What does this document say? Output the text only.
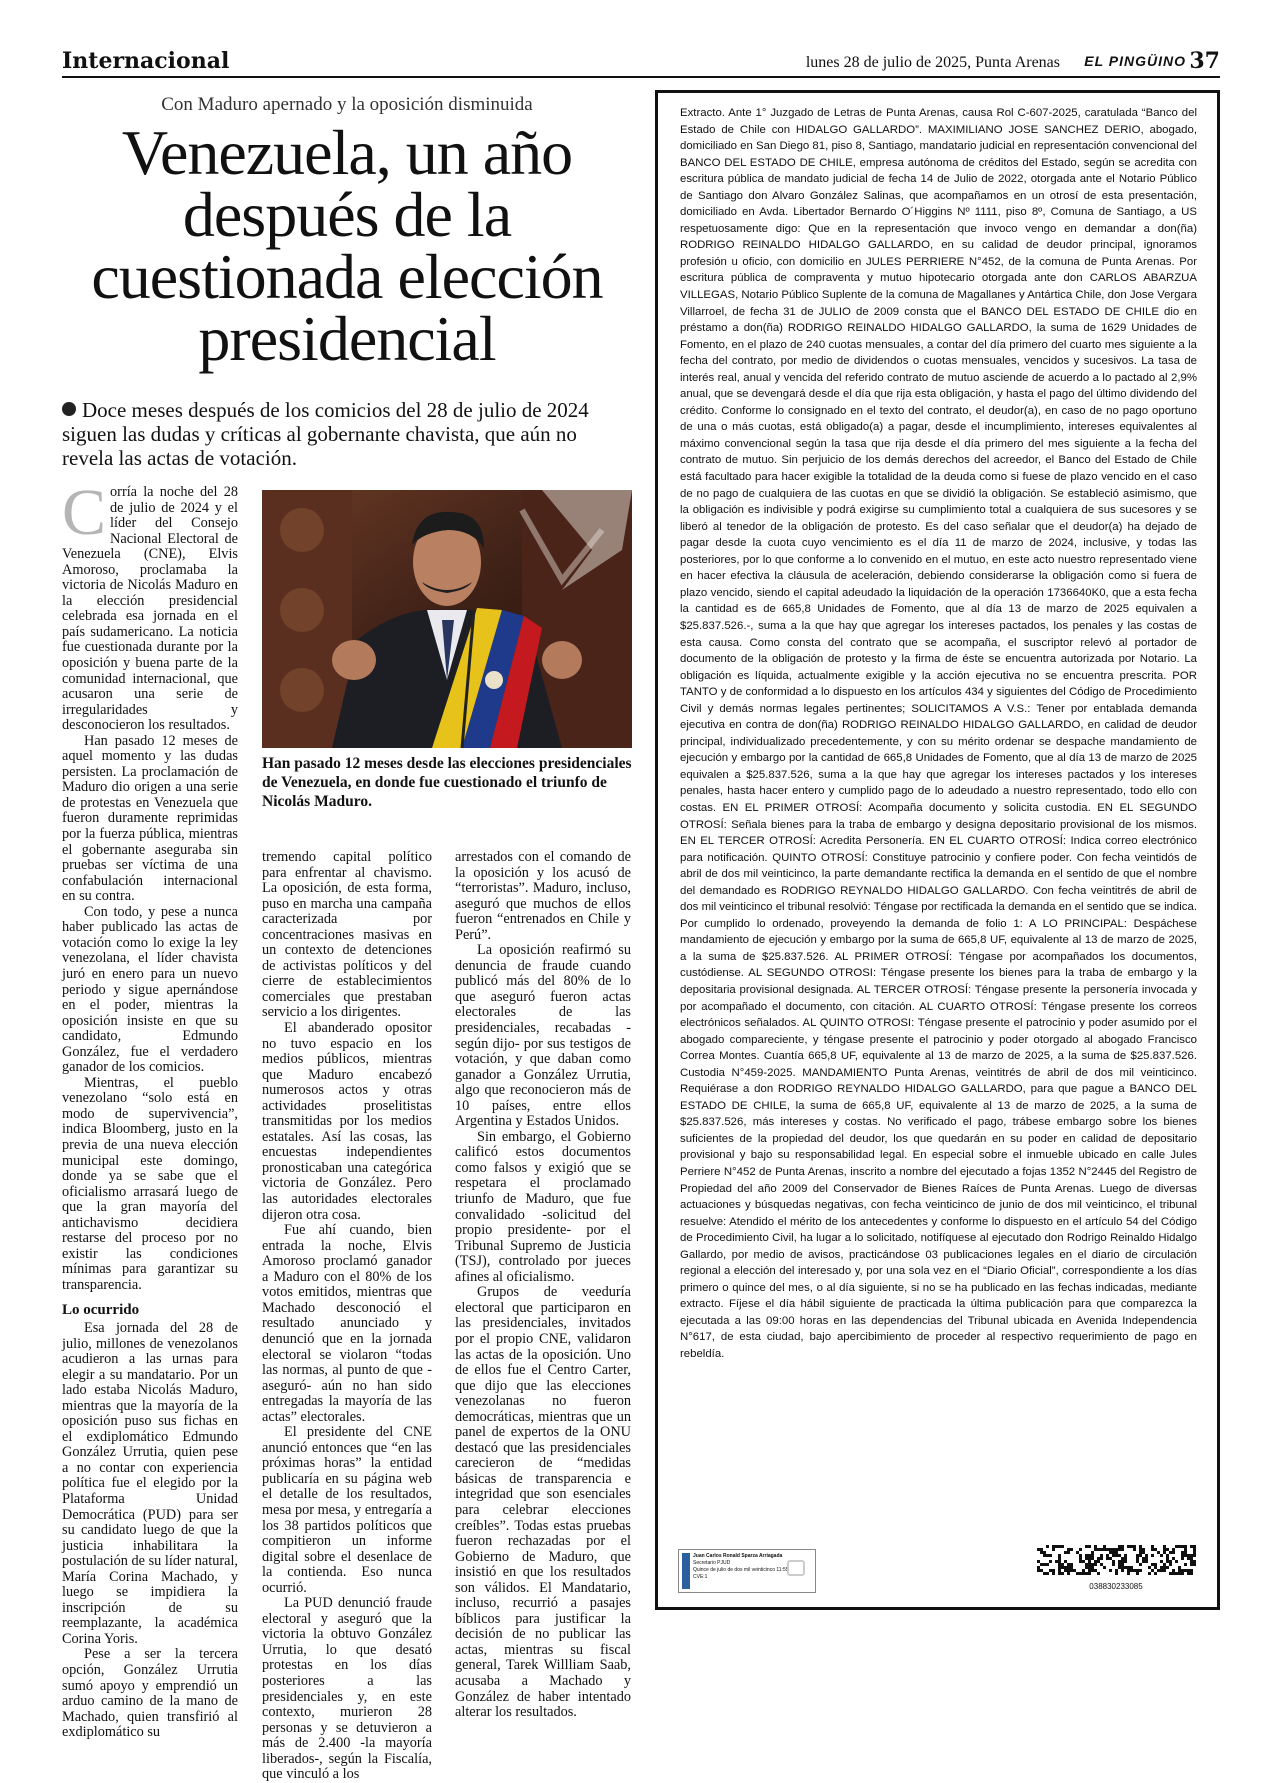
Internacional	lunes 28 de julio de 2025, Punta Arenas EL PINGÜINO 37
Con Maduro apernado y la oposición disminuida
Venezuela, un año después de la cuestionada elección presidencial
Doce meses después de los comicios del 28 de julio de 2024 siguen las dudas y críticas al gobernante chavista, que aún no revela las actas de votación.

Corría la noche del 28 de julio de 2024 y el líder del Consejo Nacional Electoral de Venezuela (CNE), Elvis Amoroso, proclamaba la victoria de Nicolás Maduro en la elección presidencial celebrada esa jornada en el país sudamericano. La noticia fue cuestionada durante por la oposición y buena parte de la comunidad internacional, que acusaron una serie de irregularidades y desconocieron los resultados.

Han pasado 12 meses de aquel momento y las dudas persisten. La proclamación de Maduro dio origen a una serie de protestas en Venezuela que fueron duramente reprimidas por la fuerza pública, mientras el gobernante aseguraba sin pruebas ser víctima de una confabulación internacional en su contra.

Con todo, y pese a nunca haber publicado las actas de votación como lo exige la ley venezolana, el líder chavista juró en enero para un nuevo periodo y sigue apernándose en el poder, mientras la oposición insiste en que su candidato, Edmundo González, fue el verdadero ganador de los comicios.

Mientras, el pueblo venezolano “solo está en modo de supervivencia”, indica Bloomberg, justo en la previa de una nueva elección municipal este domingo, donde ya se sabe que el oficialismo arrasará luego de que la gran mayoría del antichavismo decidiera restarse del proceso por no existir las condiciones mínimas para garantizar su transparencia.

Lo ocurrido

Esa jornada del 28 de julio, millones de venezolanos acudieron a las urnas para elegir a su mandatario. Por un lado estaba Nicolás Maduro, mientras que la mayoría de la oposición puso sus fichas en el exdiplomático Edmundo González Urrutia, quien pese a no contar con experiencia política fue el elegido por la Plataforma Unidad Democrática (PUD) para ser su candidato luego de que la justicia inhabilitara la postulación de su líder natural, María Corina Machado, y luego se impidiera la inscripción de su reemplazante, la académica Corina Yoris.

Pese a ser la tercera opción, González Urrutia sumó apoyo y emprendió un arduo camino de la mano de Machado, quien transfirió al exdiplomático su

Han pasado 12 meses desde las elecciones presidenciales de Venezuela, en donde fue cuestionado el triunfo de Nicolás Maduro.

tremendo capital político para enfrentar al chavismo. La oposición, de esta forma, puso en marcha una campaña caracterizada por concentraciones masivas en un contexto de detenciones de activistas políticos y del cierre de establecimientos comerciales que prestaban servicio a los dirigentes.

El abanderado opositor no tuvo espacio en los medios públicos, mientras que Maduro encabezó numerosos actos y otras actividades proselitistas transmitidas por los medios estatales. Así las cosas, las encuestas independientes pronosticaban una categórica victoria de González. Pero las autoridades electorales dijeron otra cosa.

Fue ahí cuando, bien entrada la noche, Elvis Amoroso proclamó ganador a Maduro con el 80% de los votos emitidos, mientras que Machado desconoció el resultado anunciado y denunció que en la jornada electoral se violaron “todas las normas, al punto de que -aseguró- aún no han sido entregadas la mayoría de las actas” electorales.

El presidente del CNE anunció entonces que “en las próximas horas” la entidad publicaría en su página web el detalle de los resultados, mesa por mesa, y entregaría a los 38 partidos políticos que compitieron un informe digital sobre el desenlace de la contienda. Eso nunca ocurrió.

La PUD denunció fraude electoral y aseguró que la victoria la obtuvo González Urrutia, lo que desató protestas en los días posteriores a las presidenciales y, en este contexto, murieron 28 personas y se detuvieron a más de 2.400 -la mayoría liberados-, según la Fiscalía, que vinculó a los

arrestados con el comando de la oposición y los acusó de “terroristas”. Maduro, incluso, aseguró que muchos de ellos fueron “entrenados en Chile y Perú”.

La oposición reafirmó su denuncia de fraude cuando publicó más del 80% de lo que aseguró fueron actas electorales de las presidenciales, recabadas -según dijo- por sus testigos de votación, y que daban como ganador a González Urrutia, algo que reconocieron más de 10 países, entre ellos Argentina y Estados Unidos.

Sin embargo, el Gobierno calificó estos documentos como falsos y exigió que se respetara el proclamado triunfo de Maduro, que fue convalidado -solicitud del propio presidente- por el Tribunal Supremo de Justicia (TSJ), controlado por jueces afines al oficialismo.

Grupos de veeduría electoral que participaron en las presidenciales, invitados por el propio CNE, validaron las actas de la oposición. Uno de ellos fue el Centro Carter, que dijo que las elecciones venezolanas no fueron democráticas, mientras que un panel de expertos de la ONU destacó que las presidenciales carecieron de “medidas básicas de transparencia e integridad que son esenciales para celebrar elecciones creíbles”. Todas estas pruebas fueron rechazadas por el Gobierno de Maduro, que insistió en que los resultados son válidos. El Mandatario, incluso, recurrió a pasajes bíblicos para justificar la decisión de no publicar las actas, mientras su fiscal general, Tarek Willliam Saab, acusaba a Machado y González de haber intentado alterar los resultados.

Extracto. Ante 1° Juzgado de Letras de Punta Arenas, causa Rol C-607-2025, caratulada “Banco del Estado de Chile con HIDALGO GALLARDO”. MAXIMILIANO JOSE SANCHEZ DERIO, abogado, domiciliado en San Diego 81, piso 8, Santiago, mandatario judicial en representación convencional del BANCO DEL ESTADO DE CHILE, empresa autónoma de créditos del Estado, según se acredita con escritura pública de mandato judicial de fecha 14 de Julio de 2022, otorgada ante el Notario Público de Santiago don Alvaro González Salinas, que acompañamos en un otrosí de esta presentación, domiciliado en Avda. Libertador Bernardo O´Higgins Nº 1111, piso 8º, Comuna de Santiago, a US respetuosamente digo: Que en la representación que invoco vengo en demandar a don(ña) RODRIGO REINALDO HIDALGO GALLARDO, en su calidad de deudor principal, ignoramos profesión u oficio, con domicilio en JULES PERRIERE N°452, de la comuna de Punta Arenas. Por escritura pública de compraventa y mutuo hipotecario otorgada ante don CARLOS ABARZUA VILLEGAS, Notario Público Suplente de la comuna de Magallanes y Antártica Chile, don Jose Vergara Villarroel, de fecha 31 de JULIO de 2009 consta que el BANCO DEL ESTADO DE CHILE dio en préstamo a don(ña) RODRIGO REINALDO HIDALGO GALLARDO, la suma de 1629 Unidades de Fomento, en el plazo de 240 cuotas mensuales, a contar del día primero del cuarto mes siguiente a la fecha del contrato, por medio de dividendos o cuotas mensuales, vencidos y sucesivos. La tasa de interés real, anual y vencida del referido contrato de mutuo asciende de acuerdo a lo pactado al 2,9% anual, que se devengará desde el día que rija esta obligación, y hasta el pago del último dividendo del crédito. Conforme lo consignado en el texto del contrato, el deudor(a), en caso de no pago oportuno de una o más cuotas, está obligado(a) a pagar, desde el incumplimiento, intereses equivalentes al máximo convencional según la tasa que rija desde el día primero del mes siguiente a la fecha del contrato de mutuo. Sin perjuicio de los demás derechos del acreedor, el Banco del Estado de Chile está facultado para hacer exigible la totalidad de la deuda como si fuese de plazo vencido en el caso de no pago de cualquiera de las cuotas en que se dividió la obligación. Se estableció asimismo, que la obligación es indivisible y podrá exigirse su cumplimiento total a cualquiera de sus sucesores y se liberó al tenedor de la obligación de protesto. Es del caso señalar que el deudor(a) ha dejado de pagar desde la cuota cuyo vencimiento es el día 11 de marzo de 2024, inclusive, y todas las posteriores, por lo que conforme a lo convenido en el mutuo, en este acto nuestro representado viene en hacer efectiva la cláusula de aceleración, debiendo considerarse la obligación como si fuera de plazo vencido, siendo el capital adeudado la liquidación de la operación 1736640K0, que a esta fecha la cantidad es de 665,8 Unidades de Fomento, que al día 13 de marzo de 2025 equivalen a $25.837.526.-, suma a la que hay que agregar los intereses pactados, los penales y las costas de esta causa. Como consta del contrato que se acompaña, el suscriptor relevó al portador de documento de la obligación de protesto y la firma de éste se encuentra autorizada por Notario. La obligación es líquida, actualmente exigible y la acción ejecutiva no se encuentra prescrita. POR TANTO y de conformidad a lo dispuesto en los artículos 434 y siguientes del Código de Procedimiento Civil y demás normas legales pertinentes; SOLICITAMOS A V.S.: Tener por entablada demanda ejecutiva en contra de don(ña) RODRIGO REINALDO HIDALGO GALLARDO, en calidad de deudor principal, individualizado precedentemente, y con su mérito ordenar se despache mandamiento de ejecución y embargo por la cantidad de 665,8 Unidades de Fomento, que al día 13 de marzo de 2025 equivalen a $25.837.526, suma a la que hay que agregar los intereses pactados y los intereses penales, hasta hacer entero y cumplido pago de lo adeudado a nuestro representado, todo ello con costas. EN EL PRIMER OTROSÍ: Acompaña documento y solicita custodia. EN EL SEGUNDO OTROSÍ: Señala bienes para la traba de embargo y designa depositario provisional de los mismos. EN EL TERCER OTROSÍ: Acredita Personería. EN EL CUARTO OTROSÍ: Indica correo electrónico para notificación. QUINTO OTROSÍ: Constituye patrocinio y confiere poder. Con fecha veintidós de abril de dos mil veinticinco, la parte demandante rectifica la demanda en el sentido de que el nombre del demandado es RODRIGO REYNALDO HIDALGO GALLARDO. Con fecha veintitrés de abril de dos mil veinticinco el tribunal resolvió: Téngase por rectificada la demanda en el sentido que se indica. Por cumplido lo ordenado, proveyendo la demanda de folio 1: A LO PRINCIPAL: Despáchese mandamiento de ejecución y embargo por la suma de 665,8 UF, equivalente al 13 de marzo de 2025, a la suma de $25.837.526. AL PRIMER OTROSÍ: Téngase por acompañados los documentos, custódiense. AL SEGUNDO OTROSI: Téngase presente los bienes para la traba de embargo y la depositaria provisional designada. AL TERCER OTROSÍ: Téngase presente la personería invocada y por acompañado el documento, con citación. AL CUARTO OTROSÍ: Téngase presente los correos electrónicos señalados. AL QUINTO OTROSI: Téngase presente el patrocinio y poder asumido por el abogado compareciente, y téngase presente el patrocinio y poder otorgado al abogado Francisco Correa Montes. Cuantía 665,8 UF, equivalente al 13 de marzo de 2025, a la suma de $25.837.526. Custodia N°459-2025. MANDAMIENTO Punta Arenas, veintitrés de abril de dos mil veinticinco. Requiérase a don RODRIGO REYNALDO HIDALGO GALLARDO, para que pague a BANCO DEL ESTADO DE CHILE, la suma de 665,8 UF, equivalente al 13 de marzo de 2025, a la suma de $25.837.526, más intereses y costas. No verificado el pago, trábese embargo sobre los bienes suficientes de la propiedad del deudor, los que quedarán en su poder en calidad de depositario provisional y bajo su responsabilidad legal. En especial sobre el inmueble ubicado en calle Jules Perriere N°452 de Punta Arenas, inscrito a nombre del ejecutado a fojas 1352 N°2445 del Registro de Propiedad del año 2009 del Conservador de Bienes Raíces de Punta Arenas. Luego de diversas actuaciones y búsquedas negativas, con fecha veinticinco de junio de dos mil veinticinco, el tribunal resuelve: Atendido el mérito de los antecedentes y conforme lo dispuesto en el artículo 54 del Código de Procedimiento Civil, ha lugar a lo solicitado, notifíquese al ejecutado don Rodrigo Reinaldo Hidalgo Gallardo, por medio de avisos, practicándose 03 publicaciones legales en el diario de circulación regional a elección del interesado y, por una sola vez en el “Diario Oficial”, correspondiente a los días primero o quince del mes, o al día siguiente, si no se ha publicado en las fechas indicadas, mediante extracto. Fíjese el día hábil siguiente de practicada la última publicación para que comparezca la ejecutada a las 09:00 horas en las dependencias del Tribunal ubicada en Avenida Independencia N°617, de esta ciudad, bajo apercibimiento de proceder al respectivo requerimiento de pago en rebeldía.
Juan Carlos Ronald Sparza Arriagada
Secretario PJUD
Quince de julio de dos mil veinticinco 11:55
CVE:1
038830233085
